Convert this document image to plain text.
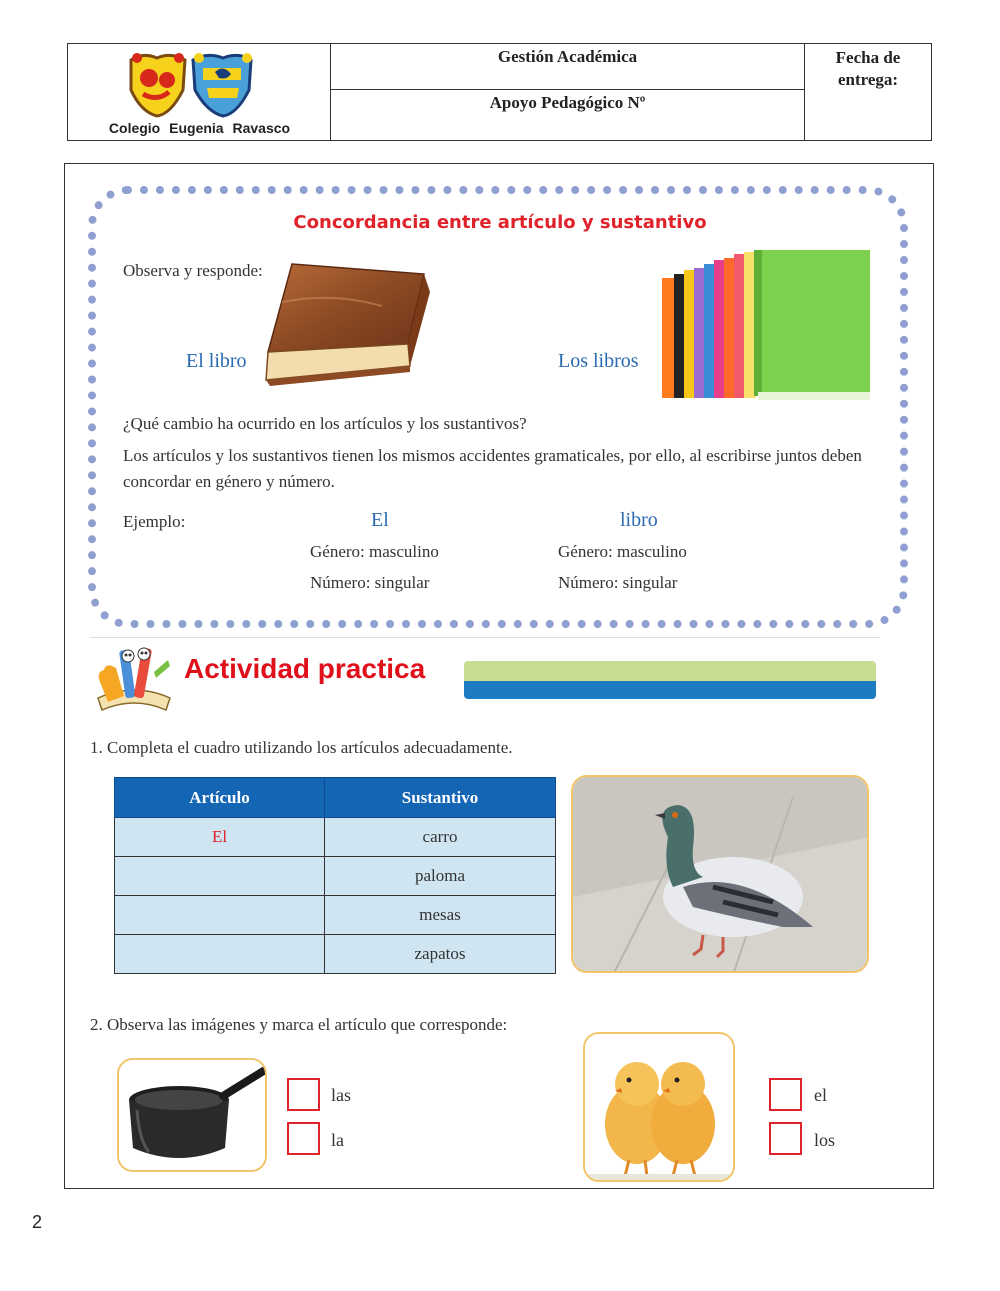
Colegio Eugenia Ravasco
Gestión Académica
Apoyo Pedagógico Nº
Fecha de entrega:
Concordancia entre artículo y sustantivo
Observa y responde:
El libro	Los libros
¿Qué cambio ha ocurrido en los artículos y los sustantivos?
Los artículos y los sustantivos tienen los mismos accidentes gramaticales, por ello, al escribirse juntos deben concordar en género y número.
Ejemplo:	El	libro
Género: masculino	Género: masculino
Número: singular	Número: singular
Actividad practica
1. Completa el cuadro utilizando los artículos adecuadamente.
Artículo	Sustantivo
El	carro
	paloma
	mesas
	zapatos
2. Observa las imágenes y marca el artículo que corresponde:
las
la
el
los
2
